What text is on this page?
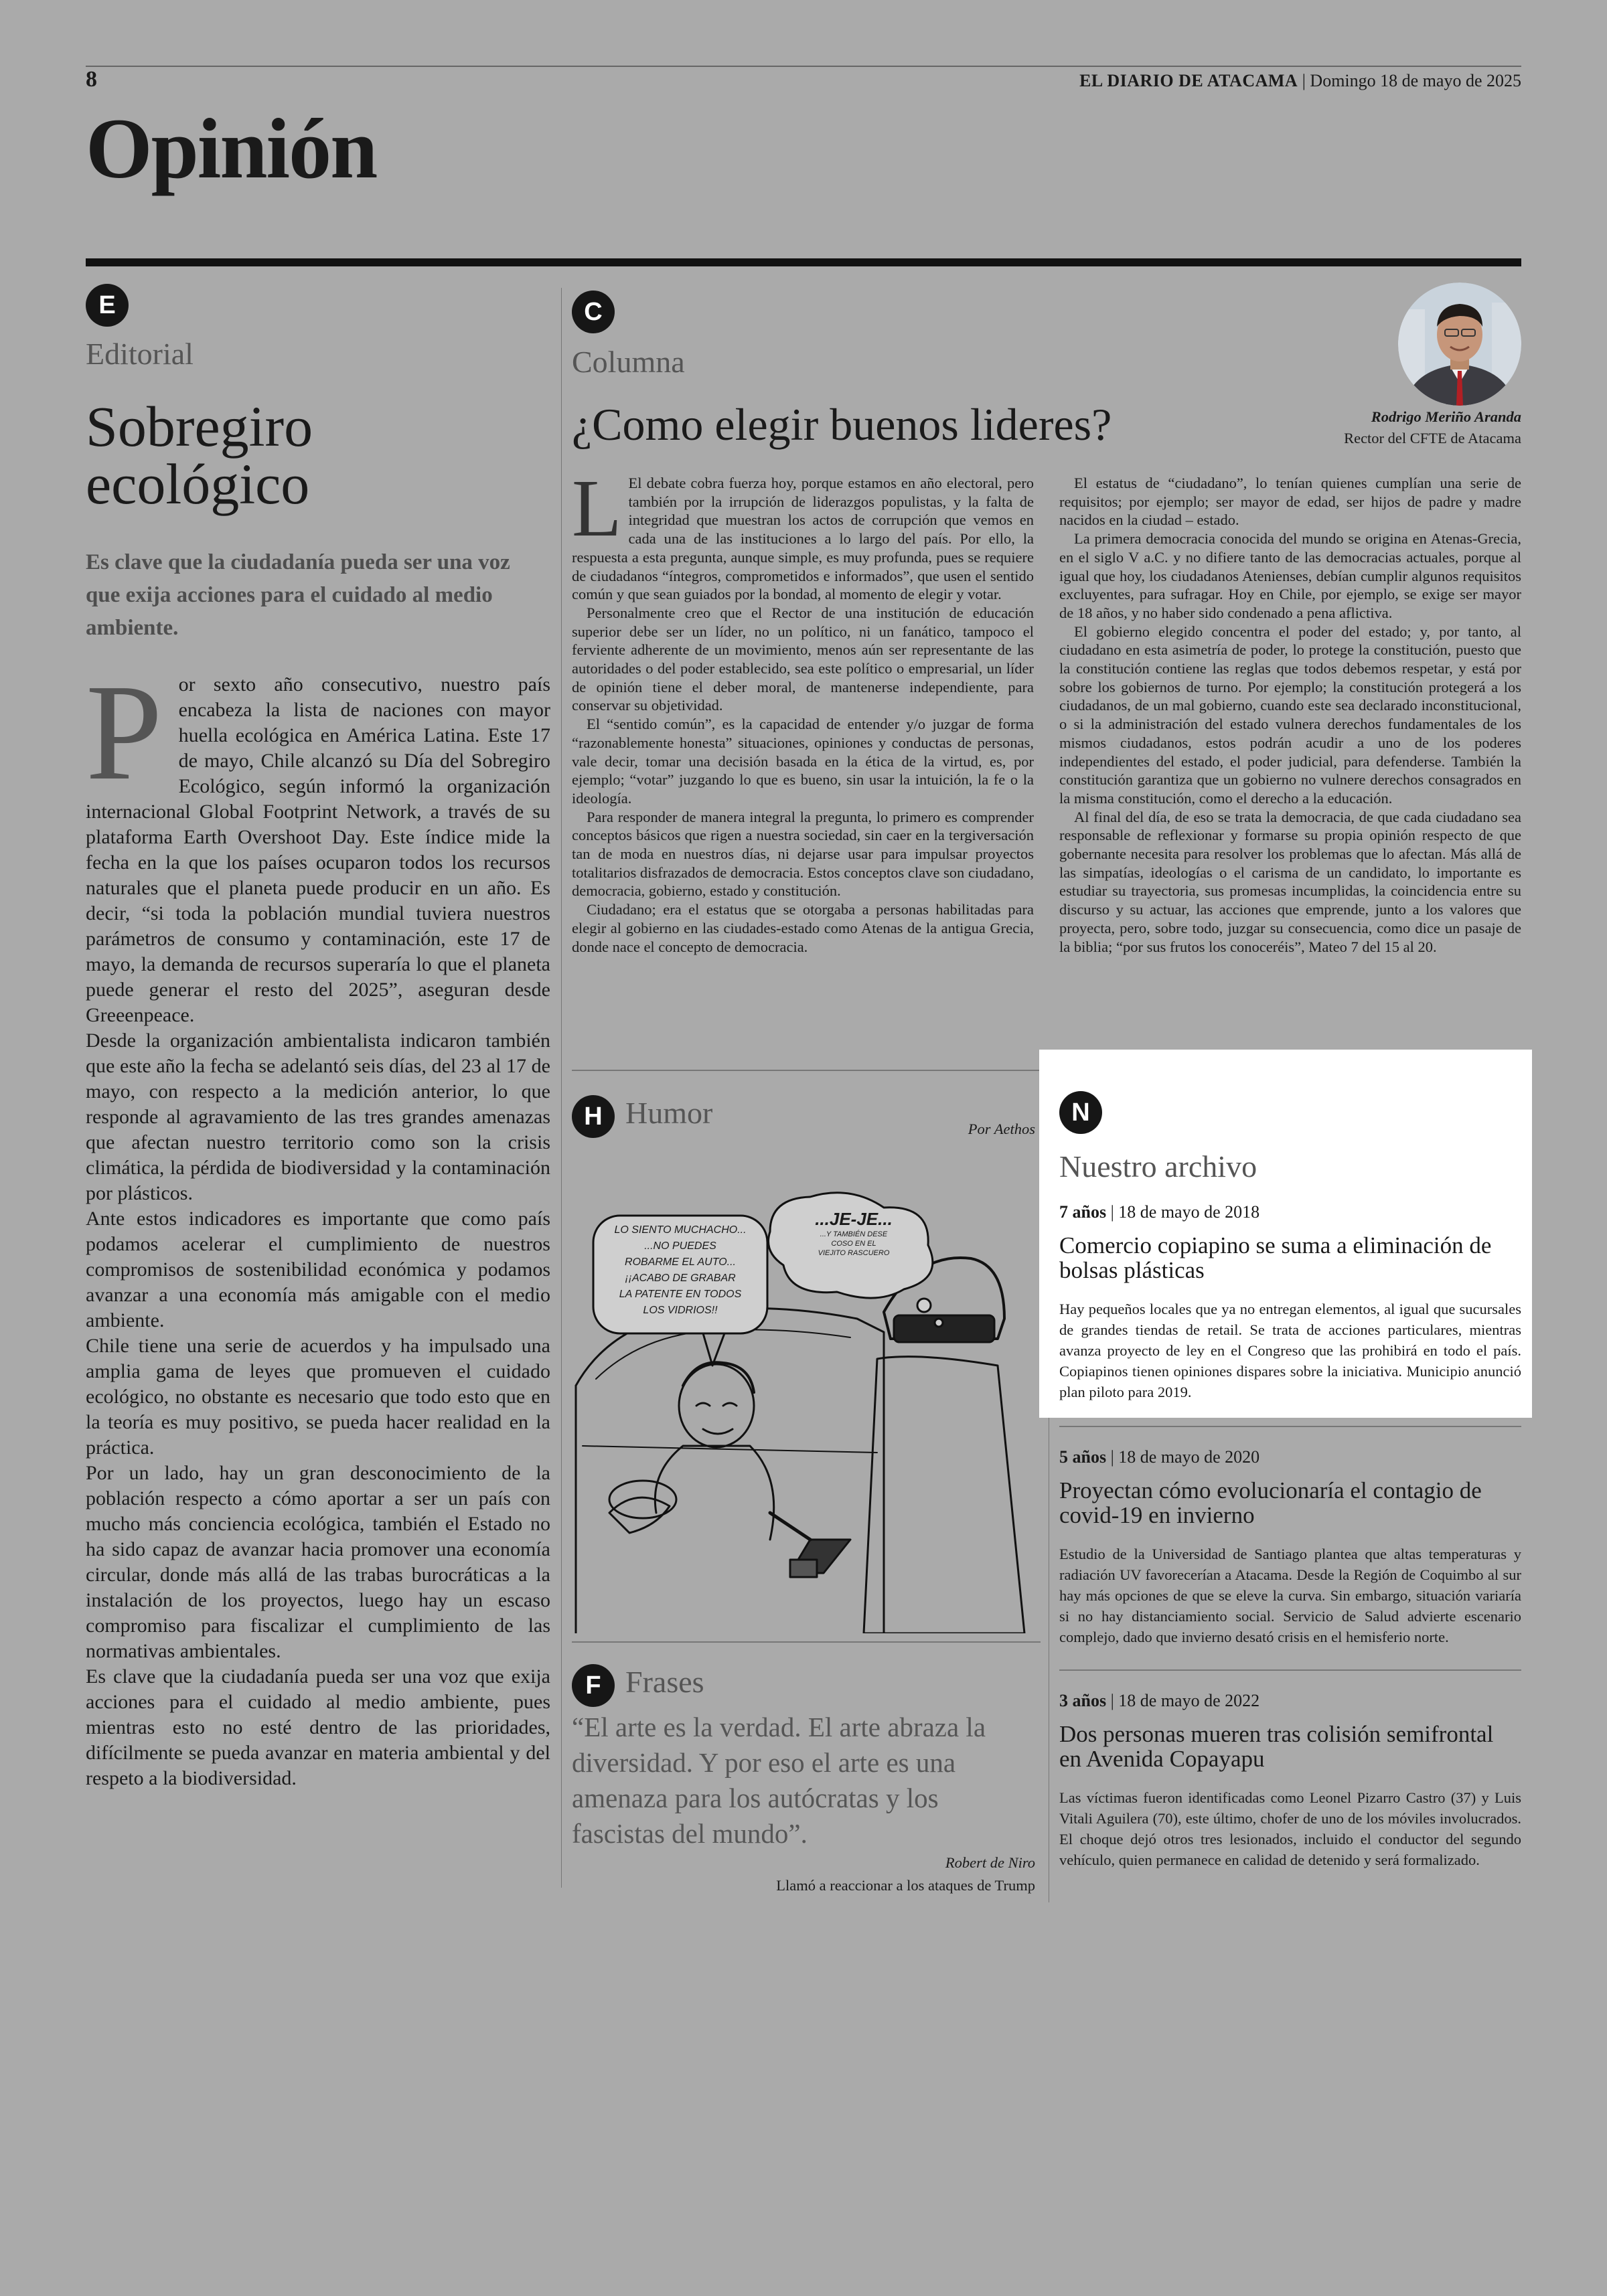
8	EL DIARIO DE ATACAMA | Domingo 18 de mayo de 2025
Opinión
E
Editorial
Sobregiro
ecológico
Es clave que la ciudadanía pueda ser una voz que exija acciones para el cuidado al medio ambiente.
P or sexto año consecutivo, nuestro país encabeza la lista de naciones con mayor huella ecológica en América Latina. Este 17 de mayo, Chile alcanzó su Día del Sobregiro Ecológico, según informó la organización internacional Global Footprint Network, a través de su plataforma Earth Overshoot Day. Este índice mide la fecha en la que los países ocuparon todos los recursos naturales que el planeta puede producir en un año. Es decir, “si toda la población mundial tuviera nuestros parámetros de consumo y contaminación, este 17 de mayo, la demanda de recursos superaría lo que el planeta puede generar el resto del 2025”, aseguran desde Greeenpeace.

Desde la organización ambientalista indicaron también que este año la fecha se adelantó seis días, del 23 al 17 de mayo, con respecto a la medición anterior, lo que responde al agravamiento de las tres grandes amenazas que afectan nuestro territorio como son la crisis climática, la pérdida de biodiversidad y la contaminación por plásticos.

Ante estos indicadores es importante que como país podamos acelerar el cumplimiento de nuestros compromisos de sostenibilidad económica y podamos avanzar a una economía más amigable con el medio ambiente.

Chile tiene una serie de acuerdos y ha impulsado una amplia gama de leyes que promueven el cuidado ecológico, no obstante es necesario que todo esto que en la teoría es muy positivo, se pueda hacer realidad en la práctica.

Por un lado, hay un gran desconocimiento de la población respecto a cómo aportar a ser un país con mucho más conciencia ecológica, también el Estado no ha sido capaz de avanzar hacia promover una economía circular, donde más allá de las trabas burocráticas a la instalación de los proyectos, luego hay un escaso compromiso para fiscalizar el cumplimiento de las normativas ambientales.

Es clave que la ciudadanía pueda ser una voz que exija acciones para el cuidado al medio ambiente, pues mientras esto no esté dentro de las prioridades, difícilmente se pueda avanzar en materia ambiental y del respeto a la biodiversidad.

C
Columna
¿Como elegir buenos lideres?	Rodrigo Meriño Aranda
Rector del CFTE de Atacama
L El debate cobra fuerza hoy, porque estamos en año electoral, pero también por la irrupción de liderazgos populistas, y la falta de integridad que muestran los actos de corrupción que vemos en cada una de las instituciones a lo largo del país. Por ello, la respuesta a esta pregunta, aunque simple, es muy profunda, pues se requiere de ciudadanos “íntegros, comprometidos e informados”, que usen el sentido común y que sean guiados por la bondad, al momento de elegir y votar.

Personalmente creo que el Rector de una institución de educación superior debe ser un líder, no un político, ni un fanático, tampoco el ferviente adherente de un movimiento, menos aún ser representante de las autoridades o del poder establecido, sea este político o empresarial, un líder de opinión tiene el deber moral, de mantenerse independiente, para conservar su objetividad.

El “sentido común”, es la capacidad de entender y/o juzgar de forma “razonablemente honesta” situaciones, opiniones y conductas de personas, vale decir, tomar una decisión basada en la ética de la virtud, es, por ejemplo; “votar” juzgando lo que es bueno, sin usar la intuición, la fe o la ideología.

Para responder de manera integral la pregunta, lo primero es comprender conceptos básicos que rigen a nuestra sociedad, sin caer en la tergiversación tan de moda en nuestros días, ni dejarse usar para impulsar proyectos totalitarios disfrazados de democracia. Estos conceptos clave son ciudadano, democracia, gobierno, estado y constitución.

Ciudadano; era el estatus que se otorgaba a personas habilitadas para elegir al gobierno en las ciudades-estado como Atenas de la antigua Grecia, donde nace el concepto de democracia.

El estatus de “ciudadano”, lo tenían quienes cumplían una serie de requisitos; por ejemplo; ser mayor de edad, ser hijos de padre y madre nacidos en la ciudad – estado.

La primera democracia conocida del mundo se origina en Atenas-Grecia, en el siglo V a.C. y no difiere tanto de las democracias actuales, porque al igual que hoy, los ciudadanos Atenienses, debían cumplir algunos requisitos excluyentes, para sufragar. Hoy en Chile, por ejemplo, se exige ser mayor de 18 años, y no haber sido condenado a pena aflictiva.

El gobierno elegido concentra el poder del estado; y, por tanto, al ciudadano en esta asimetría de poder, lo protege la constitución, puesto que la constitución contiene las reglas que todos debemos respetar, y está por sobre los gobiernos de turno. Por ejemplo; la constitución protegerá a los ciudadanos, de un mal gobierno, cuando este sea declarado inconstitucional, o si la administración del estado vulnera derechos fundamentales de los mismos ciudadanos, estos podrán acudir a uno de los poderes independientes del estado, el poder judicial, para defenderse. También la constitución garantiza que un gobierno no vulnere derechos consagrados en la misma constitución, como el derecho a la educación.

Al final del día, de eso se trata la democracia, de que cada ciudadano sea responsable de reflexionar y formarse su propia opinión respecto de que gobernante necesita para resolver los problemas que lo afectan. Más allá de las simpatías, ideologías o el carisma de un candidato, lo importante es estudiar su trayectoria, sus promesas incumplidas, la coincidencia entre su discurso y su actuar, las acciones que emprende, junto a los valores que proyecta, pero, sobre todo, juzgar su consecuencia, como dice un pasaje de la biblia; “por sus frutos los conoceréis”, Mateo 7 del 15 al 20.

H Humor	Por Aethos
LO SIENTO MUCHACHO...
...NO PUEDES
ROBARME EL AUTO...
¡¡ACABO DE GRABAR
LA PATENTE EN TODOS
LOS VIDRIOS!!
...JE-JE...
...Y TAMBIÉN DESE
COSO EN EL
VIEJITO RASCUERO
F Frases
“El arte es la verdad. El arte abraza la diversidad. Y por eso el arte es una amenaza para los autócratas y los fascistas del mundo”.
Robert de Niro
Llamó a reaccionar a los ataques de Trump
N
Nuestro archivo
7 años | 18 de mayo de 2018
Comercio copiapino se suma a eliminación de bolsas plásticas
Hay pequeños locales que ya no entregan elementos, al igual que sucursales de grandes tiendas de retail. Se trata de acciones particulares, mientras avanza proyecto de ley en el Congreso que las prohibirá en todo el país. Copiapinos tienen opiniones dispares sobre la iniciativa. Municipio anunció plan piloto para 2019.
5 años | 18 de mayo de 2020
Proyectan cómo evolucionaría el contagio de covid-19 en invierno
Estudio de la Universidad de Santiago plantea que altas temperaturas y radiación UV favorecerían a Atacama. Desde la Región de Coquimbo al sur hay más opciones de que se eleve la curva. Sin embargo, situación variaría si no hay distanciamiento social. Servicio de Salud advierte escenario complejo, dado que invierno desató crisis en el hemisferio norte.
3 años | 18 de mayo de 2022
Dos personas mueren tras colisión semifrontal en Avenida Copayapu
Las víctimas fueron identificadas como Leonel Pizarro Castro (37) y Luis Vitali Aguilera (70), este último, chofer de uno de los móviles involucrados. El choque dejó otros tres lesionados, incluido el conductor del segundo vehículo, quien permanece en calidad de detenido y será formalizado.
